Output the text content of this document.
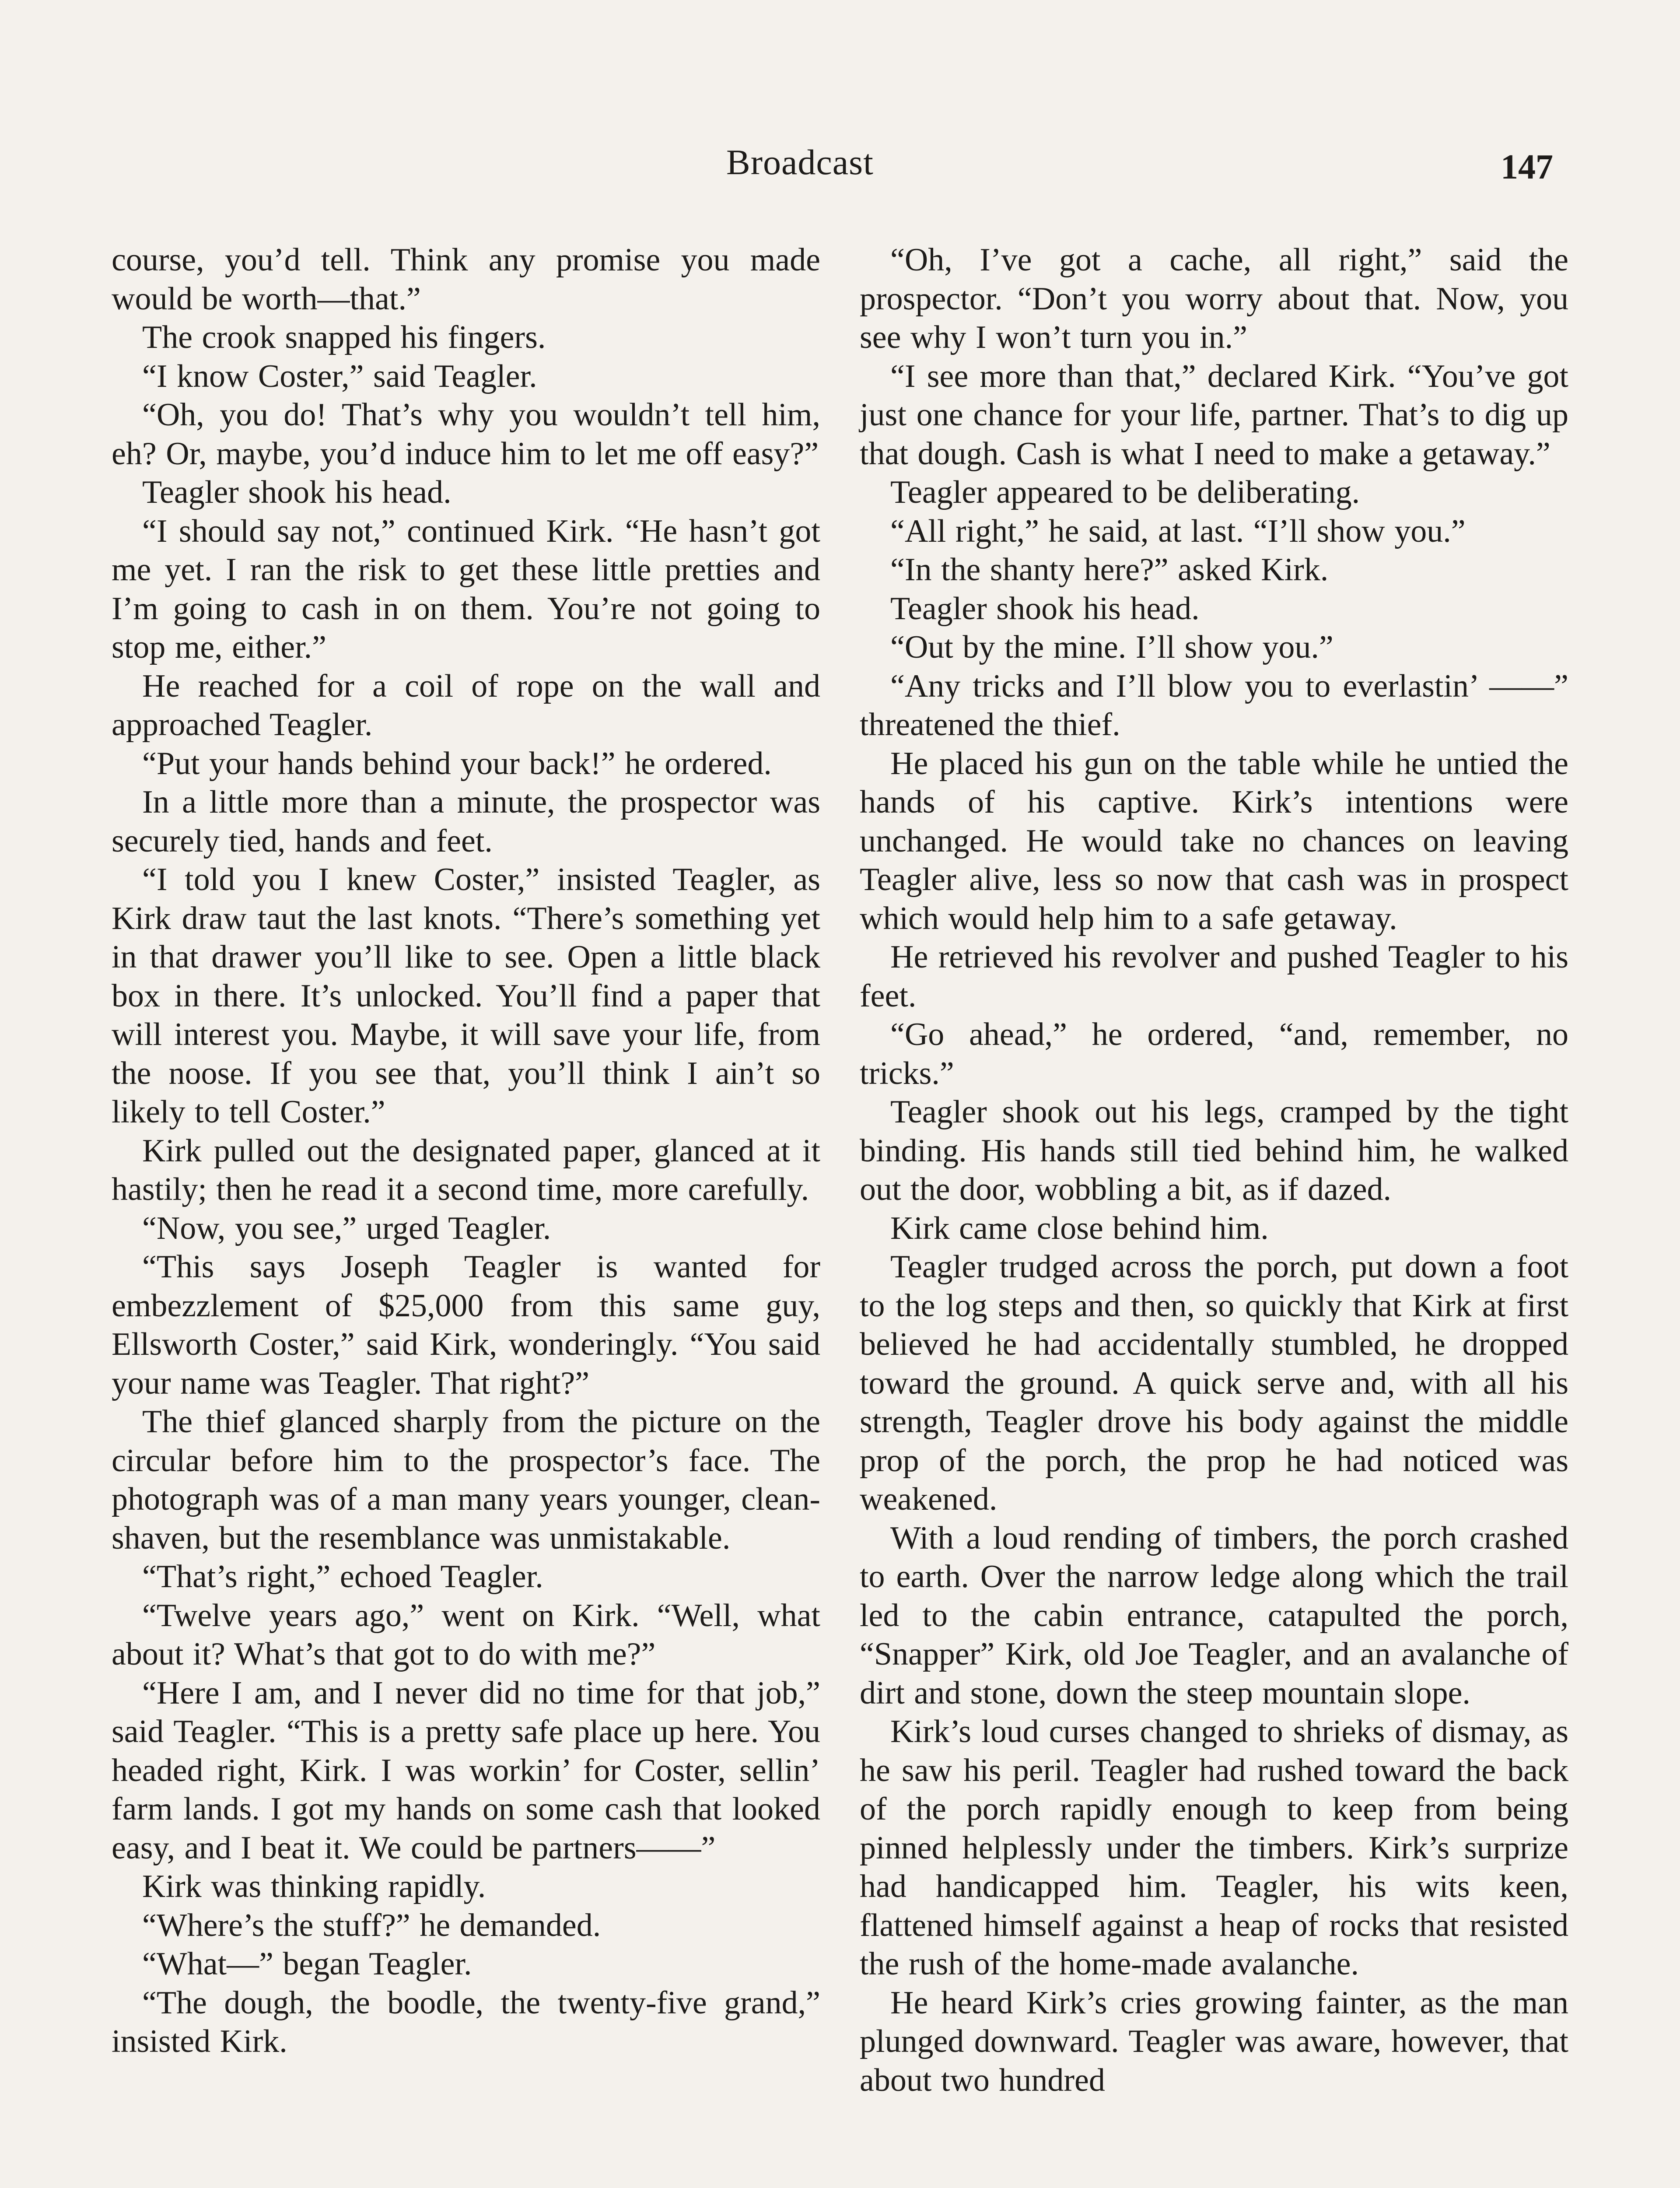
Broadcast	147

course, you’d tell. Think any promise you made would be worth—that.”

The crook snapped his fingers.

“I know Coster,” said Teagler.

“Oh, you do! That’s why you wouldn’t tell him, eh? Or, maybe, you’d induce him to let me off easy?”

Teagler shook his head.

“I should say not,” continued Kirk. “He hasn’t got me yet. I ran the risk to get these little pretties and I’m going to cash in on them. You’re not going to stop me, either.”

He reached for a coil of rope on the wall and approached Teagler.

“Put your hands behind your back!” he ordered.

In a little more than a minute, the prospector was securely tied, hands and feet.

“I told you I knew Coster,” insisted Teagler, as Kirk draw taut the last knots. “There’s something yet in that drawer you’ll like to see. Open a little black box in there. It’s unlocked. You’ll find a paper that will interest you. Maybe, it will save your life, from the noose. If you see that, you’ll think I ain’t so likely to tell Coster.”

Kirk pulled out the designated paper, glanced at it hastily; then he read it a second time, more carefully.

“Now, you see,” urged Teagler.

“This says Joseph Teagler is wanted for embezzlement of $25,000 from this same guy, Ellsworth Coster,” said Kirk, wonderingly. “You said your name was Teagler. That right?”

The thief glanced sharply from the picture on the circular before him to the prospector’s face. The photograph was of a man many years younger, clean-shaven, but the resemblance was unmistakable.

“That’s right,” echoed Teagler.

“Twelve years ago,” went on Kirk. “Well, what about it? What’s that got to do with me?”

“Here I am, and I never did no time for that job,” said Teagler. “This is a pretty safe place up here. You headed right, Kirk. I was workin’ for Coster, sellin’ farm lands. I got my hands on some cash that looked easy, and I beat it. We could be partners——”

Kirk was thinking rapidly.

“Where’s the stuff?” he demanded.

“What—” began Teagler.

“The dough, the boodle, the twenty-five grand,” insisted Kirk.

“Oh, I’ve got a cache, all right,” said the prospector. “Don’t you worry about that. Now, you see why I won’t turn you in.”

“I see more than that,” declared Kirk. “You’ve got just one chance for your life, partner. That’s to dig up that dough. Cash is what I need to make a getaway.”

Teagler appeared to be deliberating.

“All right,” he said, at last. “I’ll show you.”

“In the shanty here?” asked Kirk.

Teagler shook his head.

“Out by the mine. I’ll show you.”

“Any tricks and I’ll blow you to everlastin’ ——” threatened the thief.

He placed his gun on the table while he untied the hands of his captive. Kirk’s intentions were unchanged. He would take no chances on leaving Teagler alive, less so now that cash was in prospect which would help him to a safe getaway.

He retrieved his revolver and pushed Teagler to his feet.

“Go ahead,” he ordered, “and, remember, no tricks.”

Teagler shook out his legs, cramped by the tight binding. His hands still tied behind him, he walked out the door, wobbling a bit, as if dazed.

Kirk came close behind him.

Teagler trudged across the porch, put down a foot to the log steps and then, so quickly that Kirk at first believed he had accidentally stumbled, he dropped toward the ground. A quick serve and, with all his strength, Teagler drove his body against the middle prop of the porch, the prop he had noticed was weakened.

With a loud rending of timbers, the porch crashed to earth. Over the narrow ledge along which the trail led to the cabin entrance, catapulted the porch, “Snapper” Kirk, old Joe Teagler, and an avalanche of dirt and stone, down the steep mountain slope.

Kirk’s loud curses changed to shrieks of dismay, as he saw his peril. Teagler had rushed toward the back of the porch rapidly enough to keep from being pinned helplessly under the timbers. Kirk’s surprize had handicapped him. Teagler, his wits keen, flattened himself against a heap of rocks that resisted the rush of the home-made avalanche.

He heard Kirk’s cries growing fainter, as the man plunged downward. Teagler was aware, however, that about two hundred
